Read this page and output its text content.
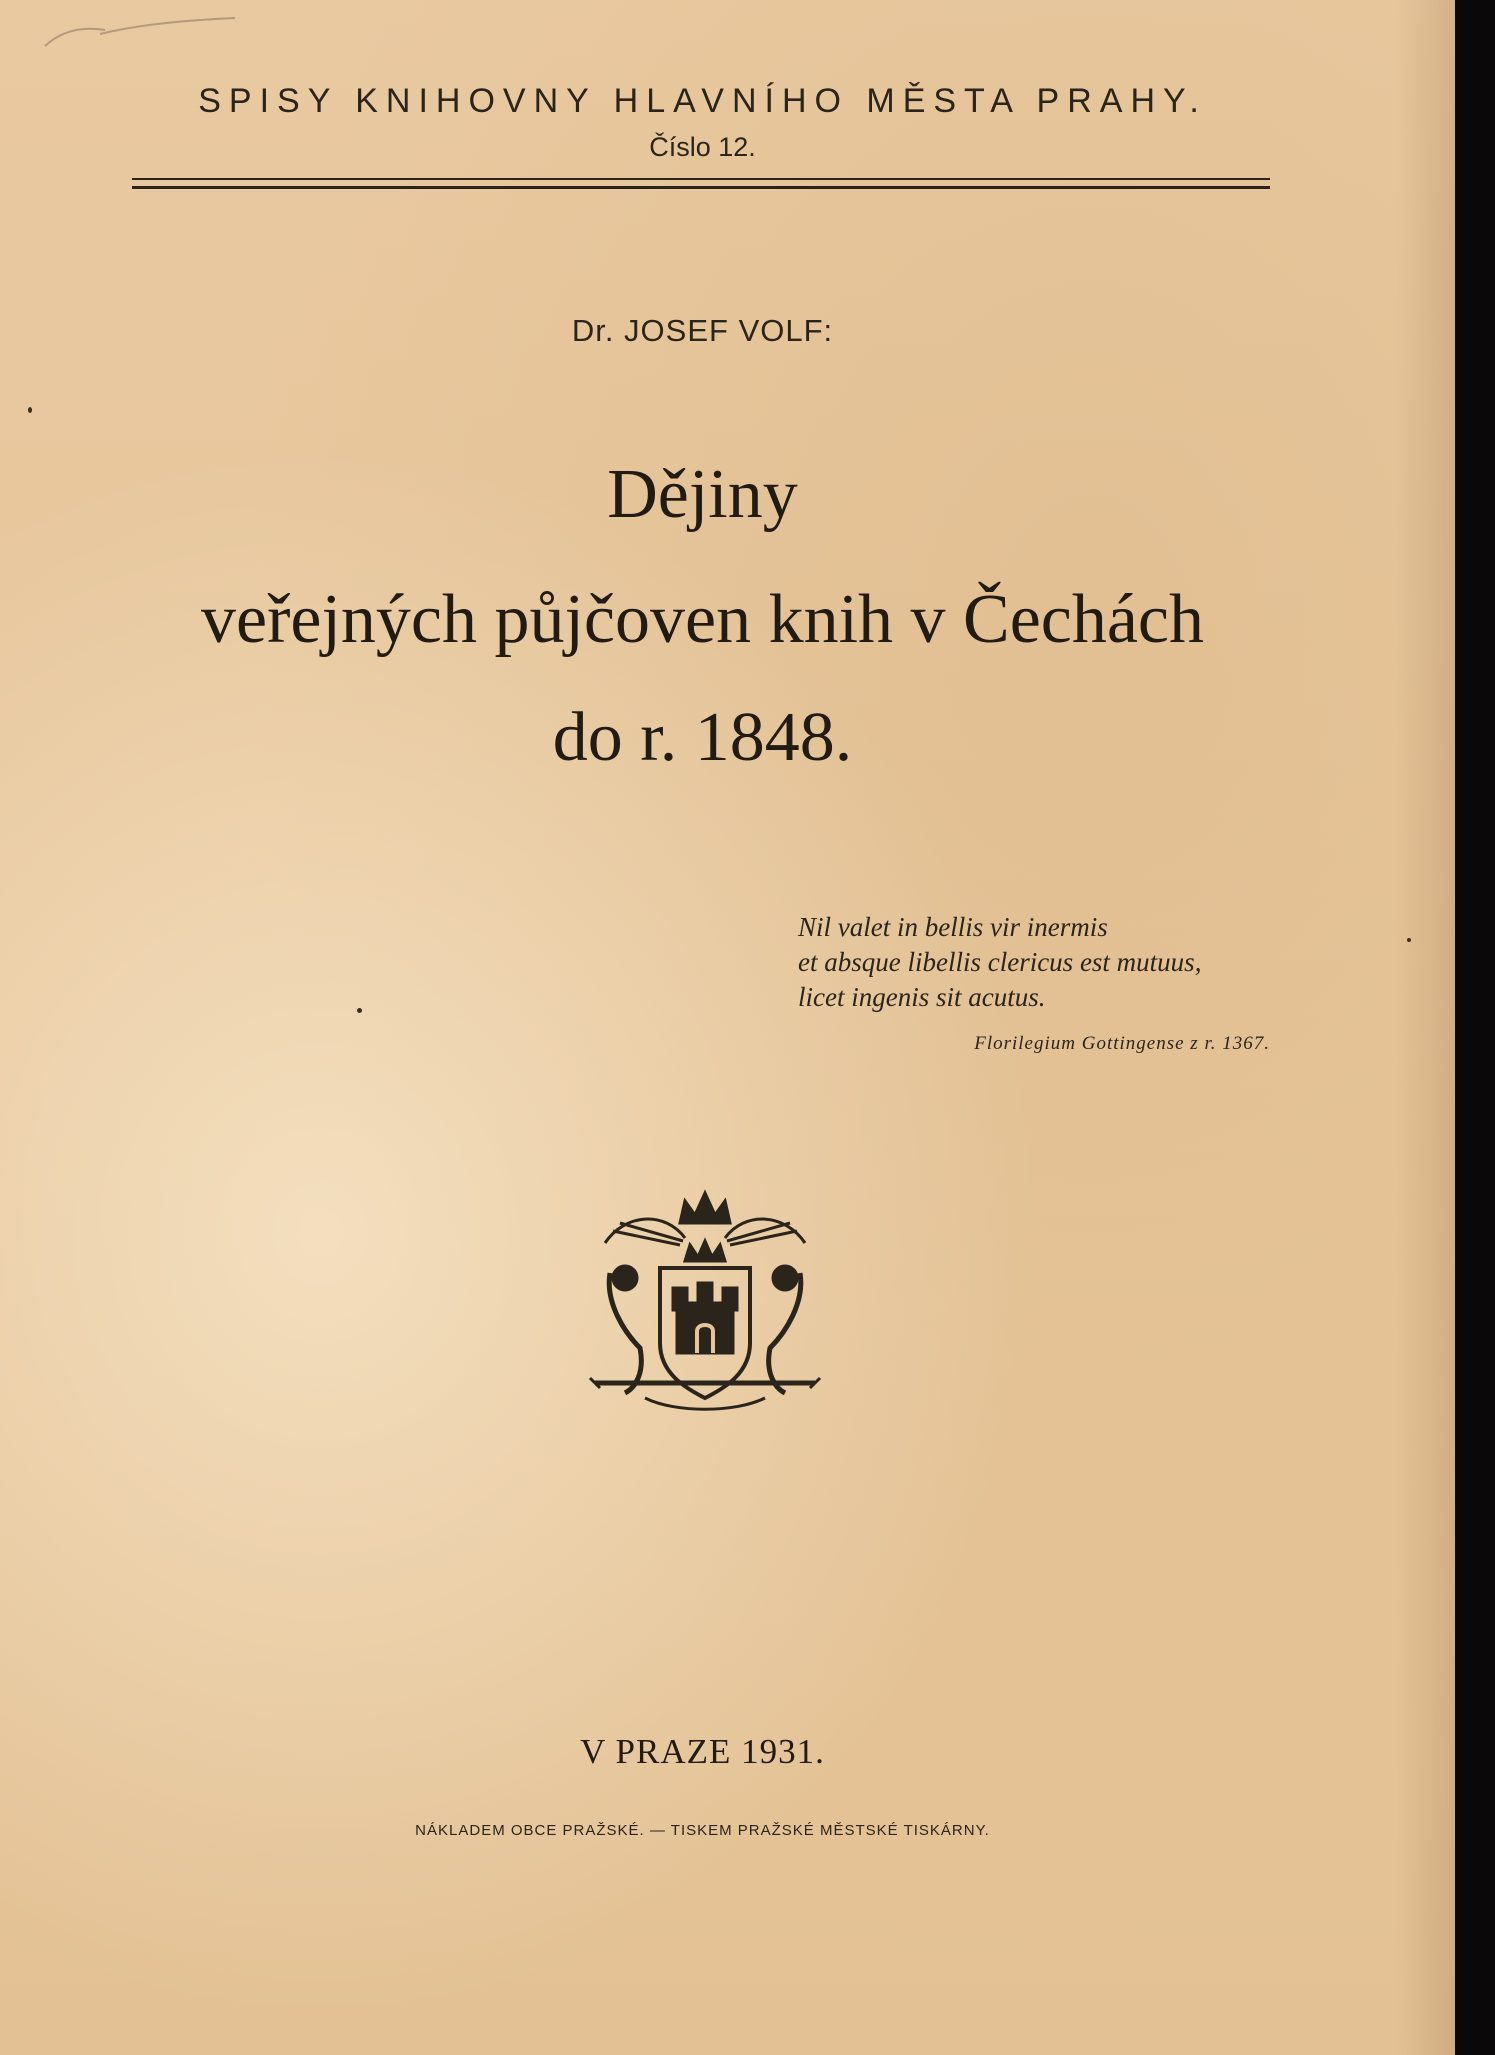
SPISY KNIHOVNY HLAVNÍHO MĚSTA PRAHY.
Číslo 12.
Dr. JOSEF VOLF:
Dějiny
veřejných půjčoven knih v Čechách
do r. 1848.
Nil valet in bellis vir inermis
et absque libellis clericus est mutuus,
licet ingenis sit acutus.
Florilegium Gottingense z r. 1367.
V PRAZE 1931.
NÁKLADEM OBCE PRAŽSKÉ. — TISKEM PRAŽSKÉ MĚSTSKÉ TISKÁRNY.
